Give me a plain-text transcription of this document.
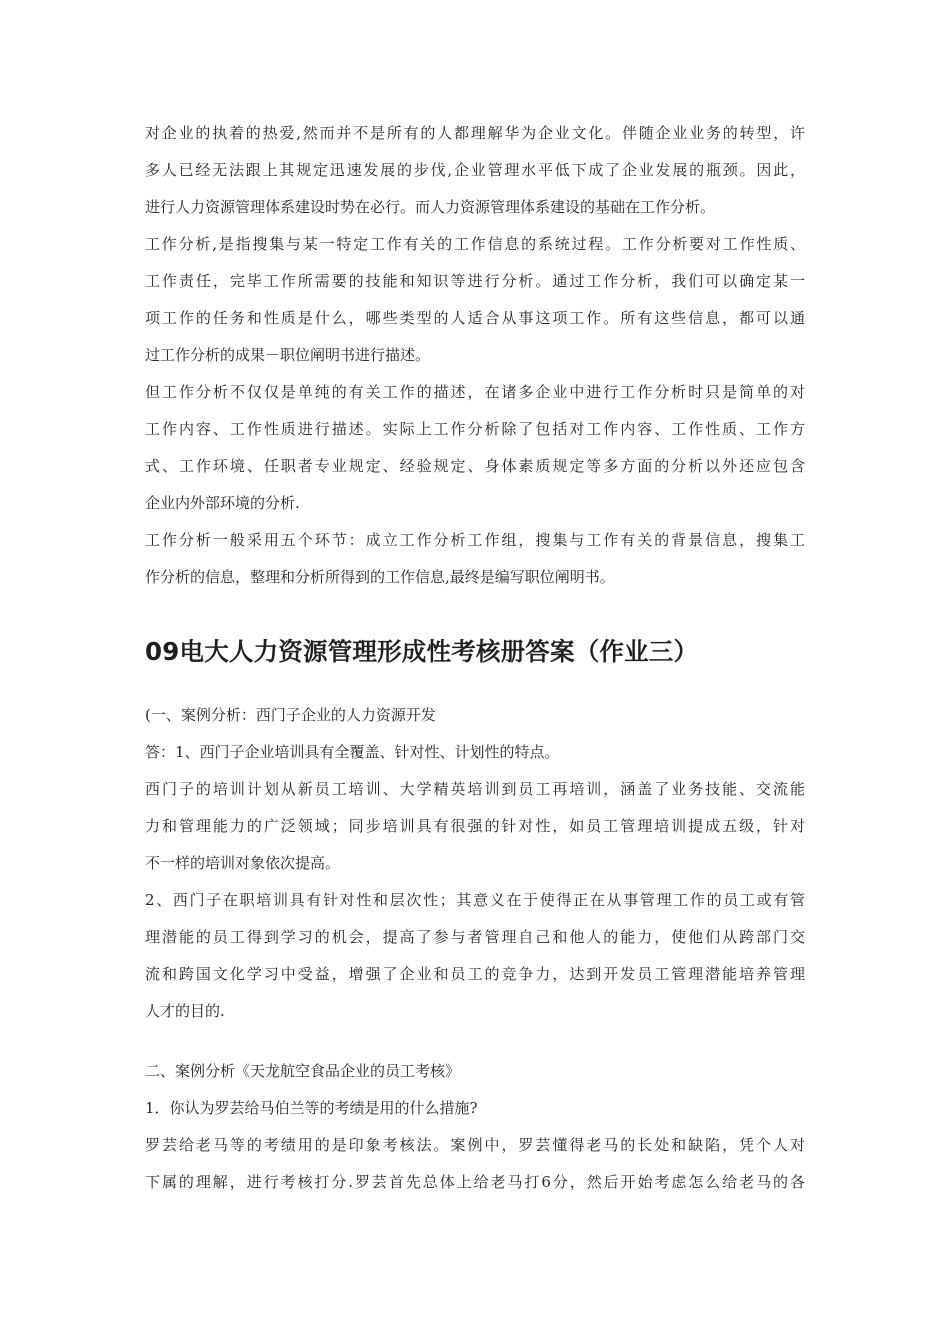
对企业的执着的热爱,然而并不是所有的人都理解华为企业文化。伴随企业业务的转型，许

多人已经无法跟上其规定迅速发展的步伐,企业管理水平低下成了企业发展的瓶颈。因此，

进行人力资源管理体系建设时势在必行。而人力资源管理体系建设的基础在工作分析。

工作分析,是指搜集与某一特定工作有关的工作信息的系统过程。工作分析要对工作性质、

工作责任，完毕工作所需要的技能和知识等进行分析。通过工作分析，我们可以确定某一

项工作的任务和性质是什么，哪些类型的人适合从事这项工作。所有这些信息，都可以通

过工作分析的成果－职位阐明书进行描述。

但工作分析不仅仅是单纯的有关工作的描述，在诸多企业中进行工作分析时只是简单的对

工作内容、工作性质进行描述。实际上工作分析除了包括对工作内容、工作性质、工作方

式、工作环境、任职者专业规定、经验规定、身体素质规定等多方面的分析以外还应包含

企业内外部环境的分析.

工作分析一般采用五个环节：成立工作分析工作组，搜集与工作有关的背景信息，搜集工

作分析的信息，整理和分析所得到的工作信息,最终是编写职位阐明书。

09电大人力资源管理形成性考核册答案（作业三）

(一、案例分析：西门子企业的人力资源开发

答：1、西门子企业培训具有全覆盖、针对性、计划性的特点。

西门子的培训计划从新员工培训、大学精英培训到员工再培训，涵盖了业务技能、交流能

力和管理能力的广泛领域；同步培训具有很强的针对性，如员工管理培训提成五级，针对

不一样的培训对象依次提高。

2、西门子在职培训具有针对性和层次性；其意义在于使得正在从事管理工作的员工或有管

理潜能的员工得到学习的机会，提高了参与者管理自己和他人的能力，使他们从跨部门交

流和跨国文化学习中受益，增强了企业和员工的竞争力，达到开发员工管理潜能培养管理

人才的目的.

二、案例分析《天龙航空食品企业的员工考核》

1．你认为罗芸给马伯兰等的考绩是用的什么措施?

罗芸给老马等的考绩用的是印象考核法。案例中，罗芸懂得老马的长处和缺陷，凭个人对

下属的理解，进行考核打分.罗芸首先总体上给老马打6分，然后开始考虑怎么给老马的各
